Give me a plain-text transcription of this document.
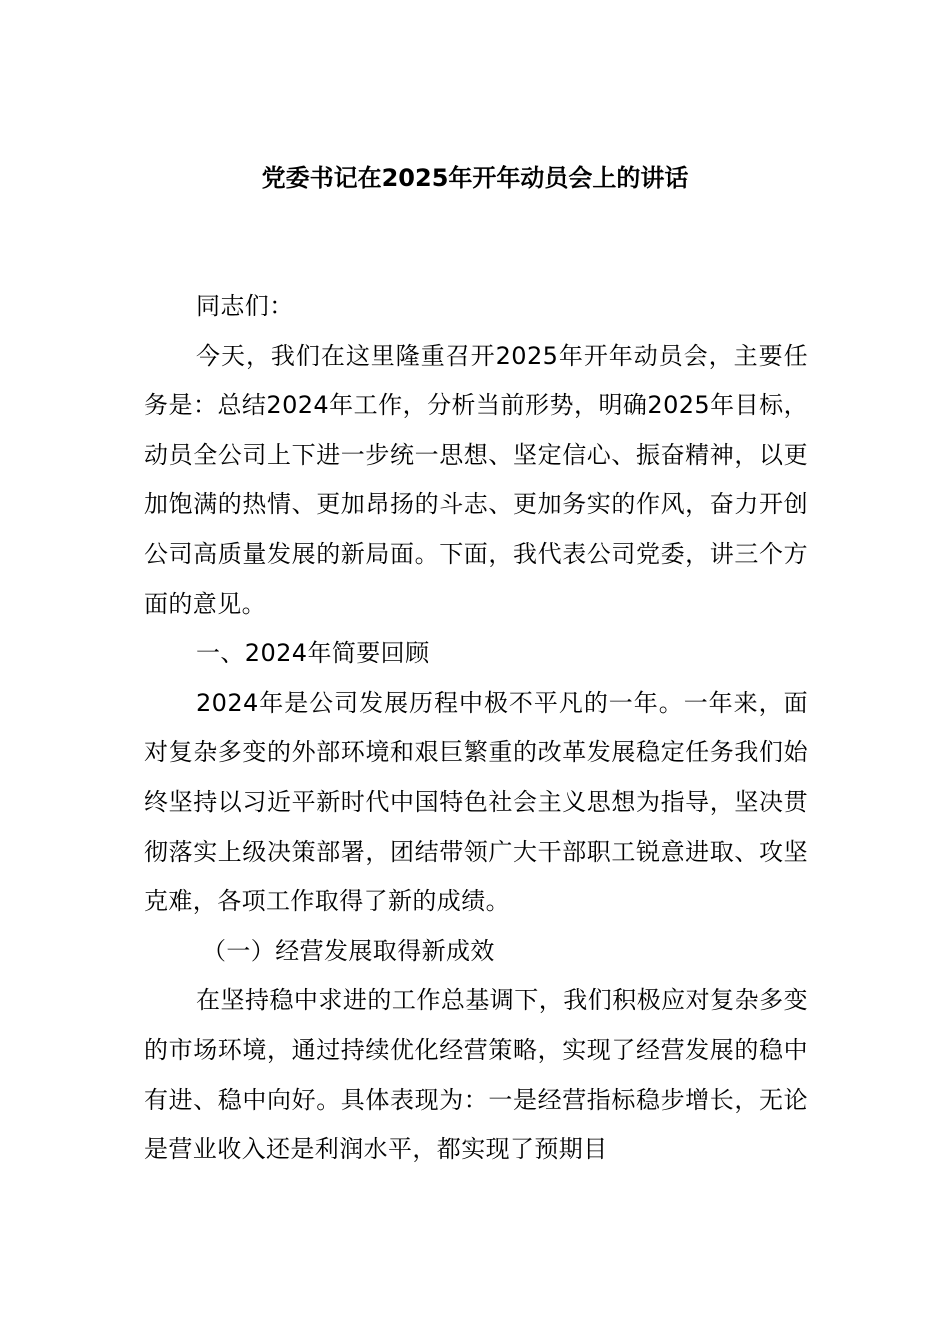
党委书记在2025年开年动员会上的讲话

同志们：

今天，我们在这里隆重召开2025年开年动员会，主要任务是：总结2024年工作，分析当前形势，明确2025年目标，动员全公司上下进一步统一思想、坚定信心、振奋精神，以更加饱满的热情、更加昂扬的斗志、更加务实的作风，奋力开创公司高质量发展的新局面。下面，我代表公司党委，讲三个方面的意见。

一、2024年简要回顾

2024年是公司发展历程中极不平凡的一年。一年来，面对复杂多变的外部环境和艰巨繁重的改革发展稳定任务我们始终坚持以习近平新时代中国特色社会主义思想为指导，坚决贯彻落实上级决策部署，团结带领广大干部职工锐意进取、攻坚克难，各项工作取得了新的成绩。

（一）经营发展取得新成效

在坚持稳中求进的工作总基调下，我们积极应对复杂多变的市场环境，通过持续优化经营策略，实现了经营发展的稳中有进、稳中向好。具体表现为：一是经营指标稳步增长，无论是营业收入还是利润水平，都实现了预期目
